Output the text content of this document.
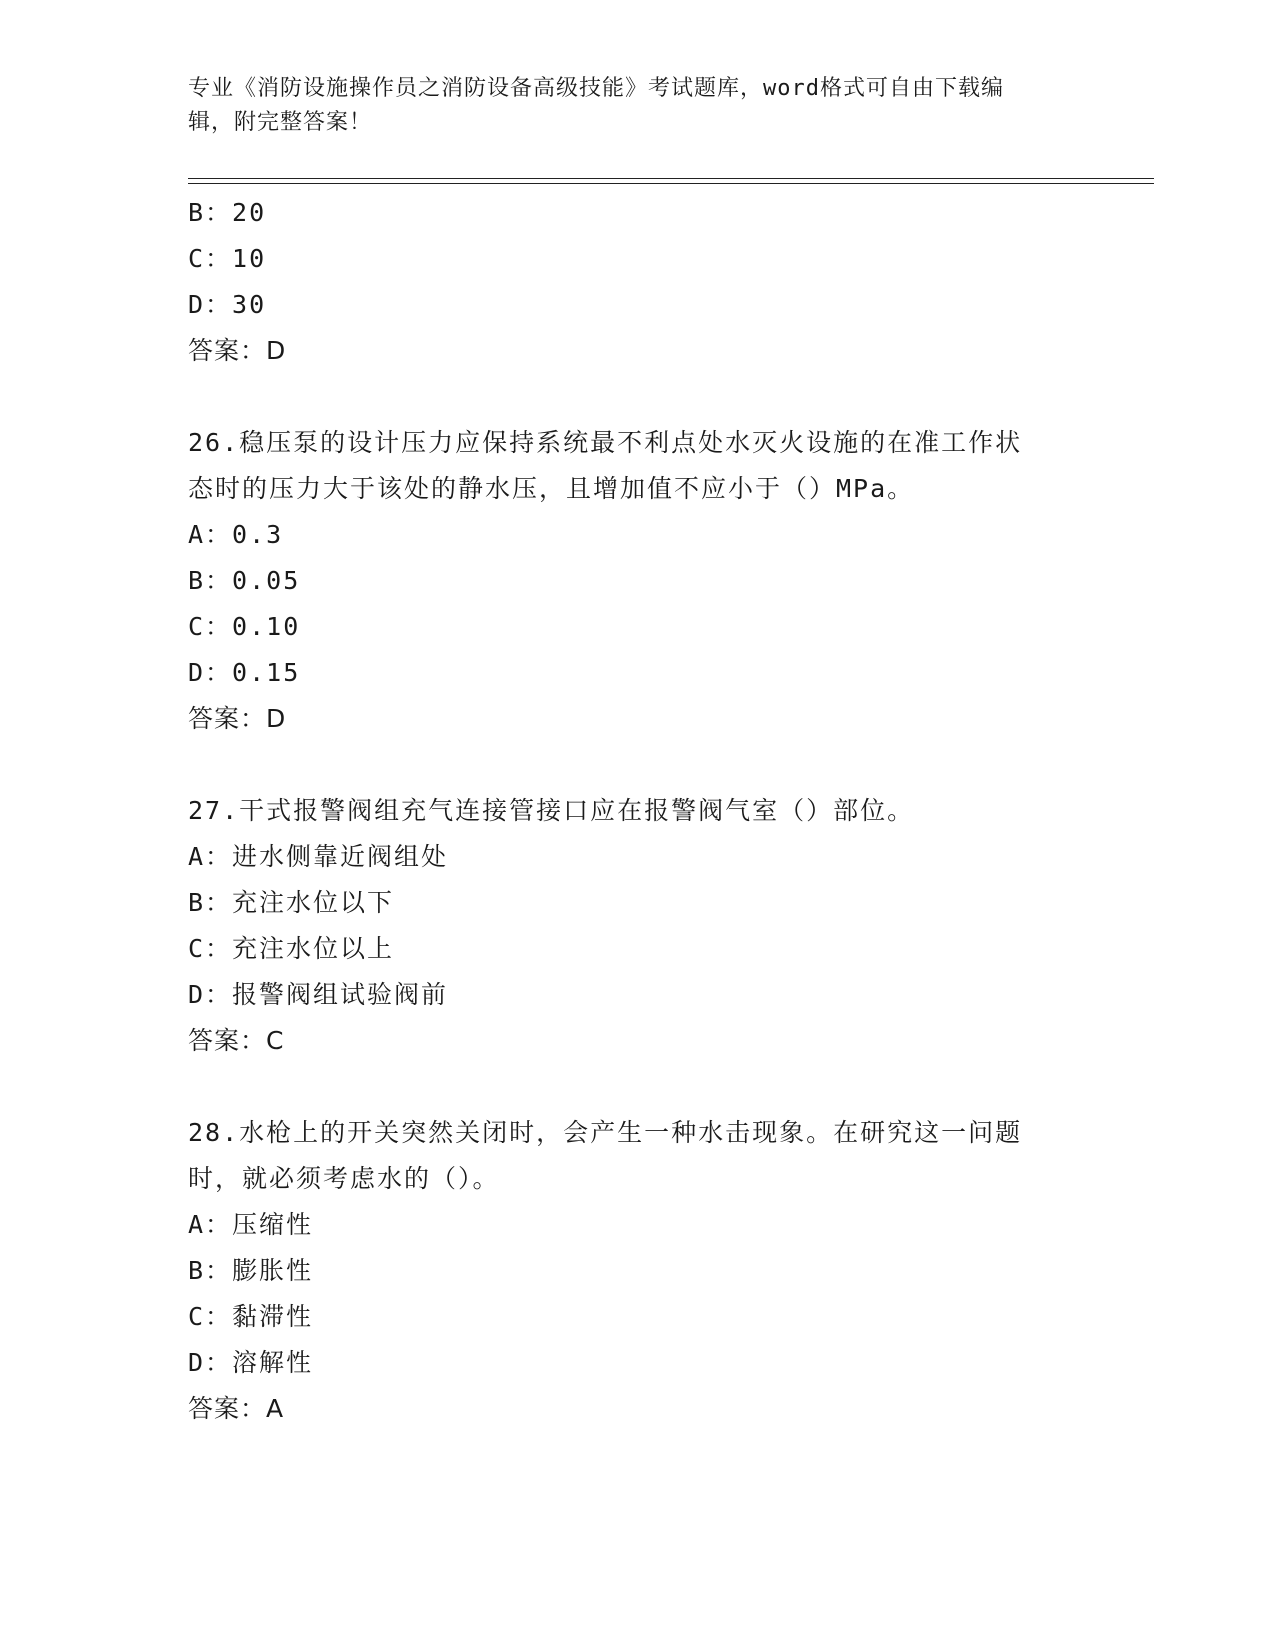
专业《消防设施操作员之消防设备高级技能》考试题库，word格式可自由下载编
辑，附完整答案！
B：20
C：10
D：30
答案：D
26.稳压泵的设计压力应保持系统最不利点处水灭火设施的在准工作状
态时的压力大于该处的静水压，且增加值不应小于（）MPa。
A：0.3
B：0.05
C：0.10
D：0.15
答案：D
27.干式报警阀组充气连接管接口应在报警阀气室（）部位。
A：进水侧靠近阀组处
B：充注水位以下
C：充注水位以上
D：报警阀组试验阀前
答案：C
28.水枪上的开关突然关闭时，会产生一种水击现象。在研究这一问题
时，就必须考虑水的（）。
A：压缩性
B：膨胀性
C：黏滞性
D：溶解性
答案：A
